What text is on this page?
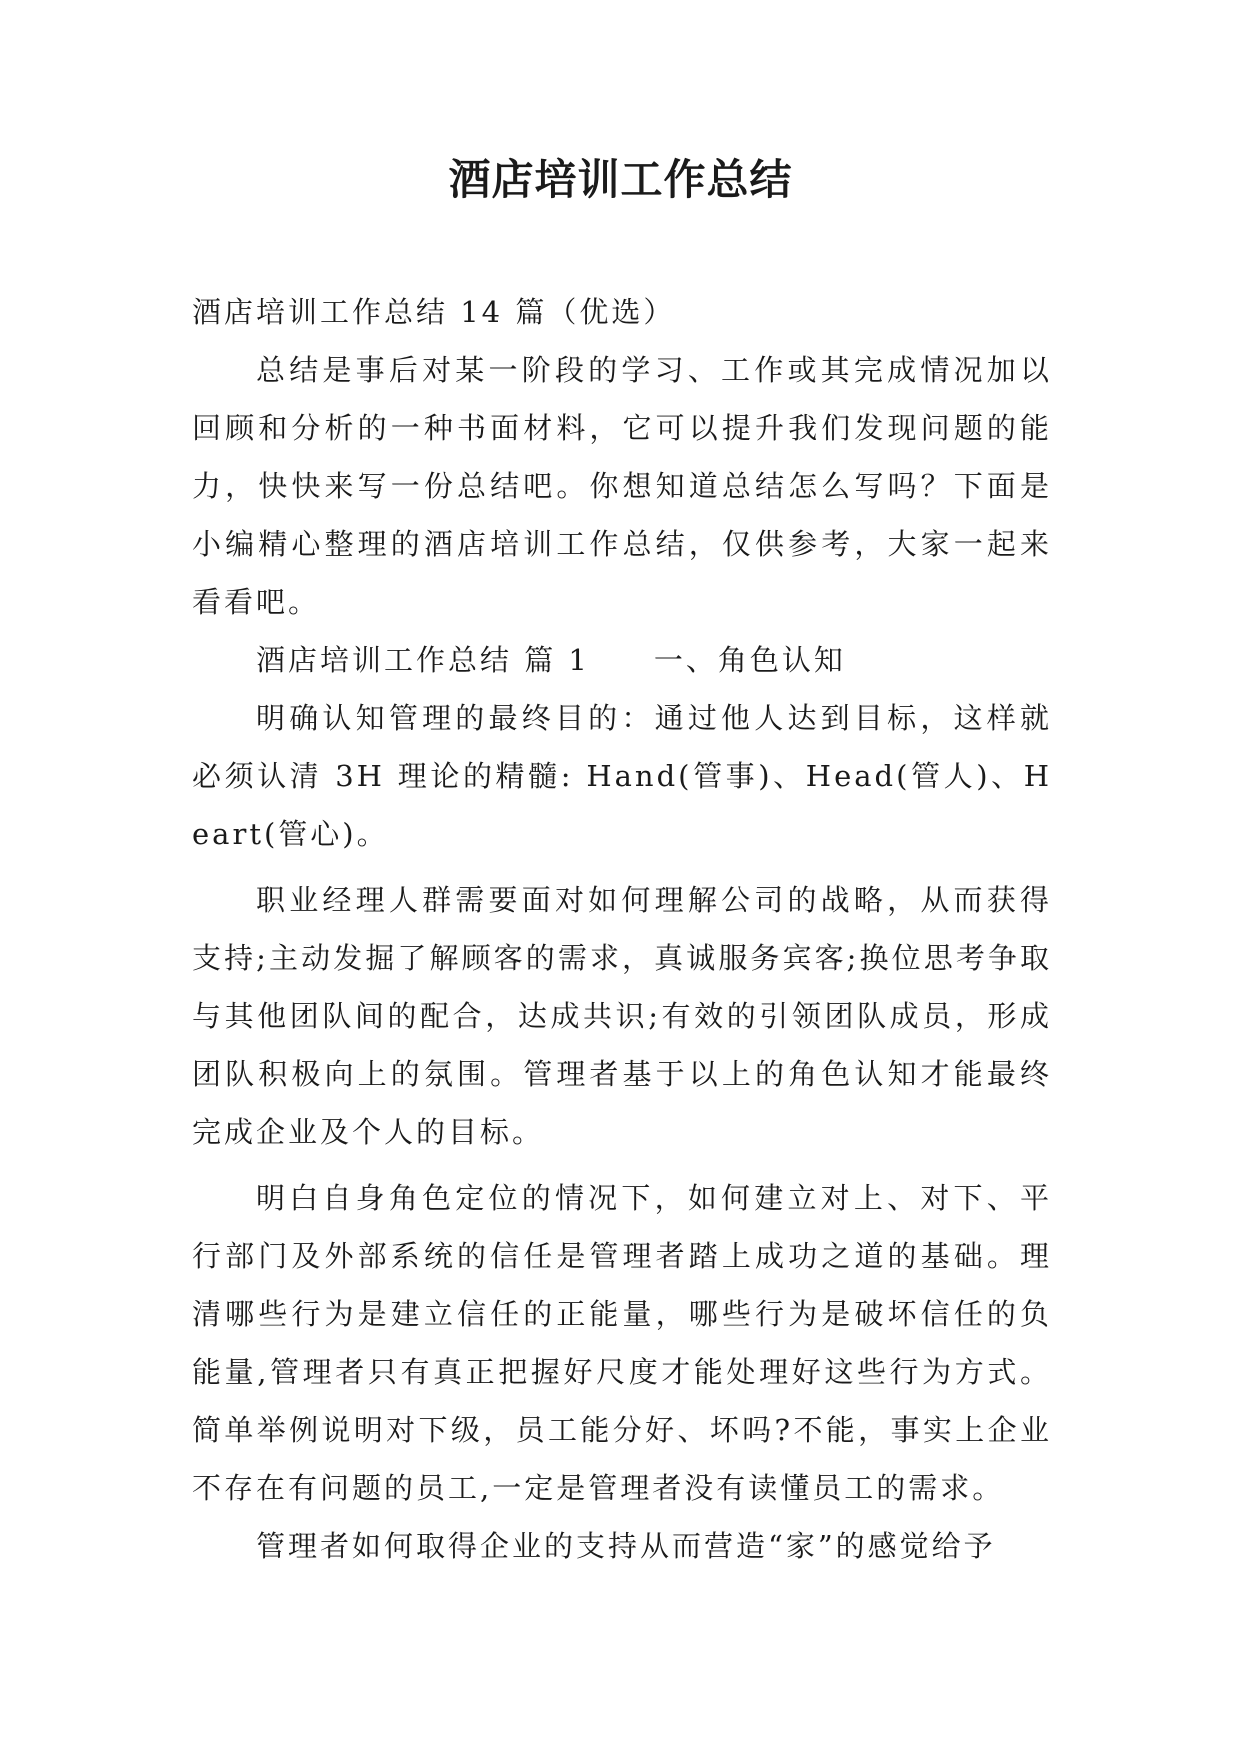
酒店培训工作总结

酒店培训工作总结 14 篇（优选）

总结是事后对某一阶段的学习、工作或其完成情况加以回顾和分析的一种书面材料，它可以提升我们发现问题的能力，快快来写一份总结吧。你想知道总结怎么写吗？下面是小编精心整理的酒店培训工作总结，仅供参考，大家一起来看看吧。

酒店培训工作总结 篇 1 一、角色认知

明确认知管理的最终目的：通过他人达到目标，这样就必须认清 3H 理论的精髓: Hand(管事)、Head(管人)、Heart(管心)。

职业经理人群需要面对如何理解公司的战略，从而获得支持;主动发掘了解顾客的需求，真诚服务宾客;换位思考争取与其他团队间的配合，达成共识;有效的引领团队成员，形成团队积极向上的氛围。管理者基于以上的角色认知才能最终完成企业及个人的目标。

明白自身角色定位的情况下，如何建立对上、对下、平行部门及外部系统的信任是管理者踏上成功之道的基础。理清哪些行为是建立信任的正能量，哪些行为是破坏信任的负能量,管理者只有真正把握好尺度才能处理好这些行为方式。简单举例说明对下级，员工能分好、坏吗?不能，事实上企业不存在有问题的员工,一定是管理者没有读懂员工的需求。

管理者如何取得企业的支持从而营造“家”的感觉给予
